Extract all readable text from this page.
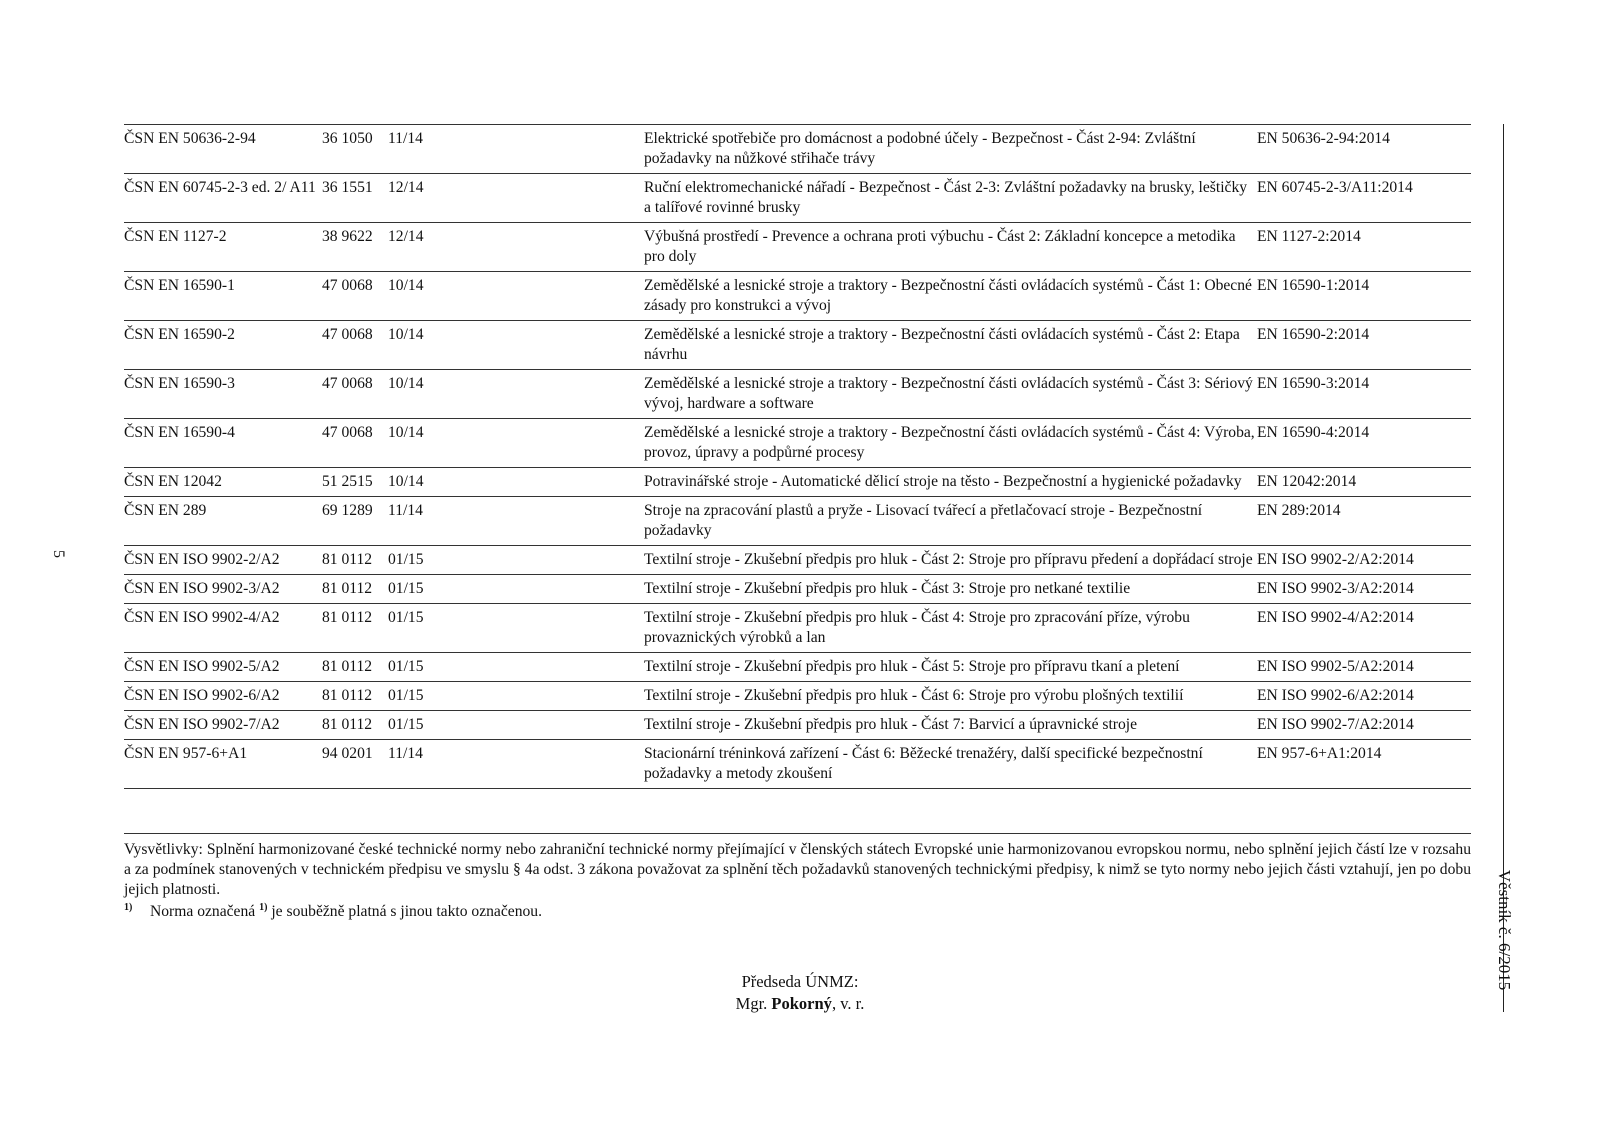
5
Věstník č. 6/2015
ČSN EN 50636-2-94	36 1050	11/14		Elektrické spotřebiče pro domácnost a podobné účely - Bezpečnost - Část 2-94: Zvláštní požadavky na nůžkové střihače trávy	EN 50636-2-94:2014
ČSN EN 60745-2-3 ed. 2/ A11	36 1551	12/14		Ruční elektromechanické nářadí - Bezpečnost - Část 2-3: Zvláštní požadavky na brusky, leštičky a talířové rovinné brusky	EN 60745-2-3/A11:2014
ČSN EN 1127-2	38 9622	12/14		Výbušná prostředí - Prevence a ochrana proti výbuchu - Část 2: Základní koncepce a metodika pro doly	EN 1127-2:2014
ČSN EN 16590-1	47 0068	10/14		Zemědělské a lesnické stroje a traktory - Bezpečnostní části ovládacích systémů - Část 1: Obecné zásady pro konstrukci a vývoj	EN 16590-1:2014
ČSN EN 16590-2	47 0068	10/14		Zemědělské a lesnické stroje a traktory - Bezpečnostní části ovládacích systémů - Část 2: Etapa návrhu	EN 16590-2:2014
ČSN EN 16590-3	47 0068	10/14		Zemědělské a lesnické stroje a traktory - Bezpečnostní části ovládacích systémů - Část 3: Sériový vývoj, hardware a software	EN 16590-3:2014
ČSN EN 16590-4	47 0068	10/14		Zemědělské a lesnické stroje a traktory - Bezpečnostní části ovládacích systémů - Část 4: Výroba, provoz, úpravy a podpůrné procesy	EN 16590-4:2014
ČSN EN 12042	51 2515	10/14		Potravinářské stroje - Automatické dělicí stroje na těsto - Bezpečnostní a hygienické požadavky	EN 12042:2014
ČSN EN 289	69 1289	11/14		Stroje na zpracování plastů a pryže - Lisovací tvářecí a přetlačovací stroje - Bezpečnostní požadavky	EN 289:2014
ČSN EN ISO 9902-2/A2	81 0112	01/15		Textilní stroje - Zkušební předpis pro hluk - Část 2: Stroje pro přípravu předení a dopřádací stroje	EN ISO 9902-2/A2:2014
ČSN EN ISO 9902-3/A2	81 0112	01/15		Textilní stroje - Zkušební předpis pro hluk - Část 3: Stroje pro netkané textilie	EN ISO 9902-3/A2:2014
ČSN EN ISO 9902-4/A2	81 0112	01/15		Textilní stroje - Zkušební předpis pro hluk - Část 4: Stroje pro zpracování příze, výrobu provaznických výrobků a lan	EN ISO 9902-4/A2:2014
ČSN EN ISO 9902-5/A2	81 0112	01/15		Textilní stroje - Zkušební předpis pro hluk - Část 5: Stroje pro přípravu tkaní a pletení	EN ISO 9902-5/A2:2014
ČSN EN ISO 9902-6/A2	81 0112	01/15		Textilní stroje - Zkušební předpis pro hluk - Část 6: Stroje pro výrobu plošných textilií	EN ISO 9902-6/A2:2014
ČSN EN ISO 9902-7/A2	81 0112	01/15		Textilní stroje - Zkušební předpis pro hluk - Část 7: Barvicí a úpravnické stroje	EN ISO 9902-7/A2:2014
ČSN EN 957-6+A1	94 0201	11/14		Stacionární tréninková zařízení - Část 6: Běžecké trenažéry, další specifické bezpečnostní požadavky a metody zkoušení	EN 957-6+A1:2014

Vysvětlivky: Splnění harmonizované české technické normy nebo zahraniční technické normy přejímající v členských státech Evropské unie harmonizovanou evropskou normu, nebo splnění jejich částí lze v rozsahu a za podmínek stanovených v technickém předpisu ve smyslu § 4a odst. 3 zákona považovat za splnění těch požadavků stanovených technickými předpisy, k nimž se tyto normy nebo jejich části vztahují, jen po dobu jejich platnosti.

$^{1)}$ Norma označená $^{1)}$ je souběžně platná s jinou takto označenou.
Předseda ÚNMZ:
Mgr. Pokorný, v. r.
